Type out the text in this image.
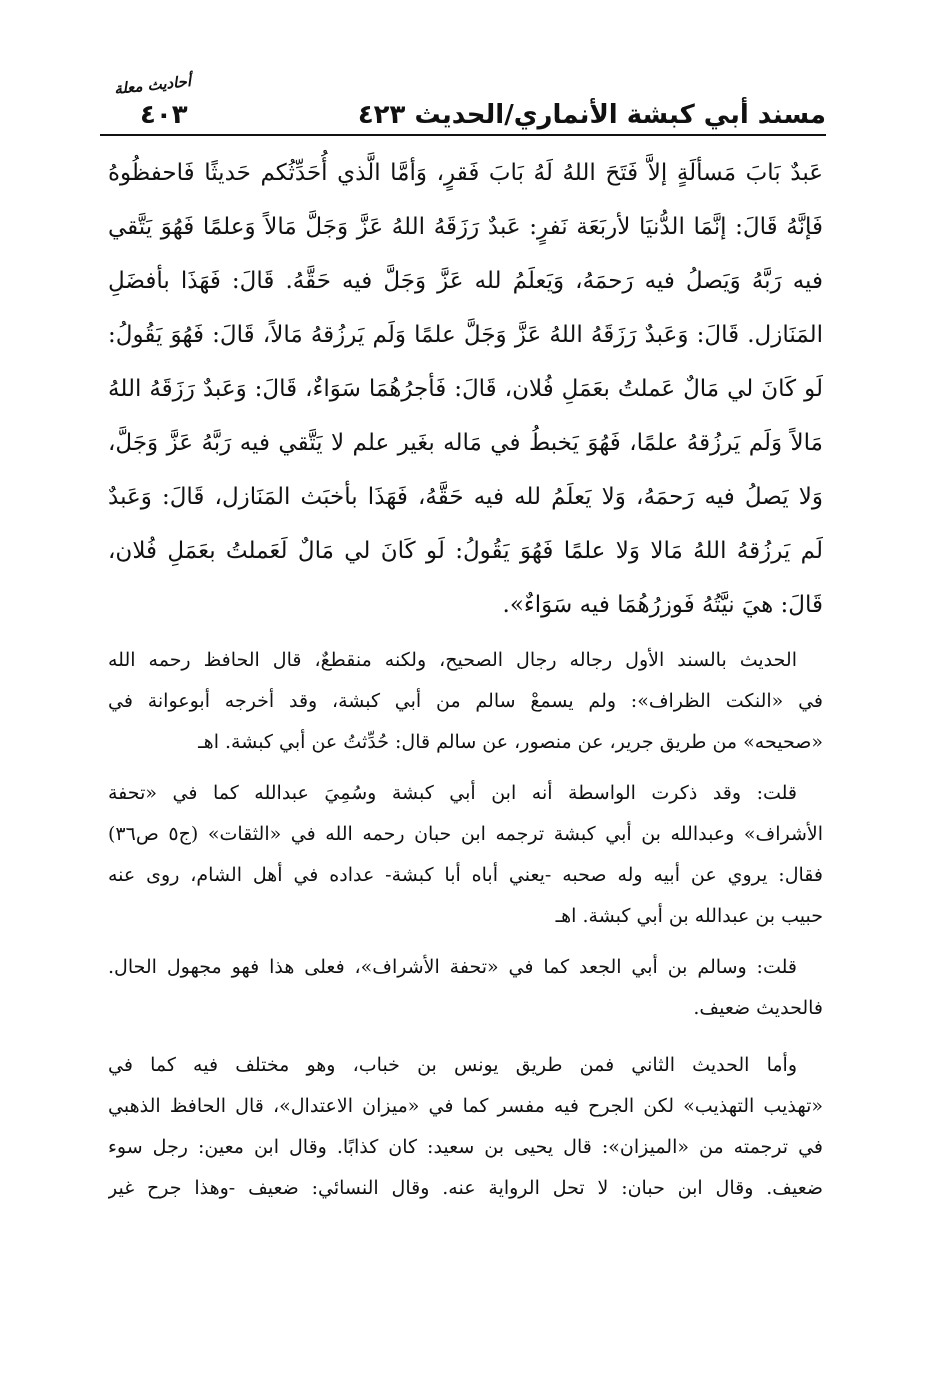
مسند أبي كبشة الأنماري/الحديث ٤٢٣
أحاديث معلة
٤٠٣
عَبدٌ بَابَ مَسألَةٍ إلاَّ فَتَحَ اللهُ لَهُ بَابَ فَقرٍ، وَأمَّا الَّذي أُحَدِّثُكم حَديثًا فَاحفظُوهُ
فَإنَّهُ قَالَ: إنَّمَا الدُّنيَا لأربَعَة نَفرٍ: عَبدٌ رَزَقَهُ اللهُ عَزَّ وَجَلَّ مَالاً وَعلمًا فَهُوَ يَتَّقي
فيه رَبَّهُ وَيَصلُ فيه رَحمَهُ، وَيَعلَمُ لله عَزَّ وَجَلَّ فيه حَقَّهُ. قَالَ: فَهَذَا بأفضَلِ
المَنَازل. قَالَ: وَعَبدٌ رَزَقَهُ اللهُ عَزَّ وَجَلَّ علمًا وَلَم يَرزُقهُ مَالاً، قَالَ: فَهُوَ يَقُولُ:
لَو كَانَ لي مَالٌ عَملتُ بعَمَلِ فُلان، قَالَ: فَأجرُهُمَا سَوَاءٌ، قَالَ: وَعَبدٌ رَزَقَهُ اللهُ
مَالاً وَلَم يَرزُقهُ علمًا، فَهُوَ يَخبطُ في مَاله بغَير علم لا يَتَّقي فيه رَبَّهُ عَزَّ وَجَلَّ،
وَلا يَصلُ فيه رَحمَهُ، وَلا يَعلَمُ لله فيه حَقَّهُ، فَهَذَا بأخبَث المَنَازل، قَالَ: وَعَبدٌ
لَم يَرزُقهُ اللهُ مَالا وَلا علمًا فَهُوَ يَقُولُ: لَو كَانَ لي مَالٌ لَعَملتُ بعَمَلِ فُلان،
قَالَ: هيَ نيَّتُهُ فَوزرُهُمَا فيه سَوَاءٌ».
الحديث بالسند الأول رجاله رجال الصحيح، ولكنه منقطعٌ، قال الحافظ رحمه الله
في «النكت الظراف»: ولم يسمعْ سالم من أبي كبشة، وقد أخرجه أبوعوانة في
«صحيحه» من طريق جرير، عن منصور، عن سالم قال: حُدِّثتُ عن أبي كبشة. اهـ
قلت: وقد ذكرت الواسطة أنه ابن أبي كبشة وسُمِيَ عبدالله كما في «تحفة
الأشراف» وعبدالله بن أبي كبشة ترجمه ابن حبان رحمه الله في «الثقات» (ج٥ ص٣٦)
فقال: يروي عن أبيه وله صحبه -يعني أباه أبا كبشة- عداده في أهل الشام، روى عنه
حبيب بن عبدالله بن أبي كبشة. اهـ
قلت: وسالم بن أبي الجعد كما في «تحفة الأشراف»، فعلى هذا فهو مجهول الحال.
فالحديث ضعيف.
وأما الحديث الثاني فمن طريق يونس بن خباب، وهو مختلف فيه كما في
«تهذيب التهذيب» لكن الجرح فيه مفسر كما في «ميزان الاعتدال»، قال الحافظ الذهبي
في ترجمته من «الميزان»: قال يحيى بن سعيد: كان كذابًا. وقال ابن معين: رجل سوء
ضعيف. وقال ابن حبان: لا تحل الرواية عنه. وقال النسائي: ضعيف -وهذا جرح غير
